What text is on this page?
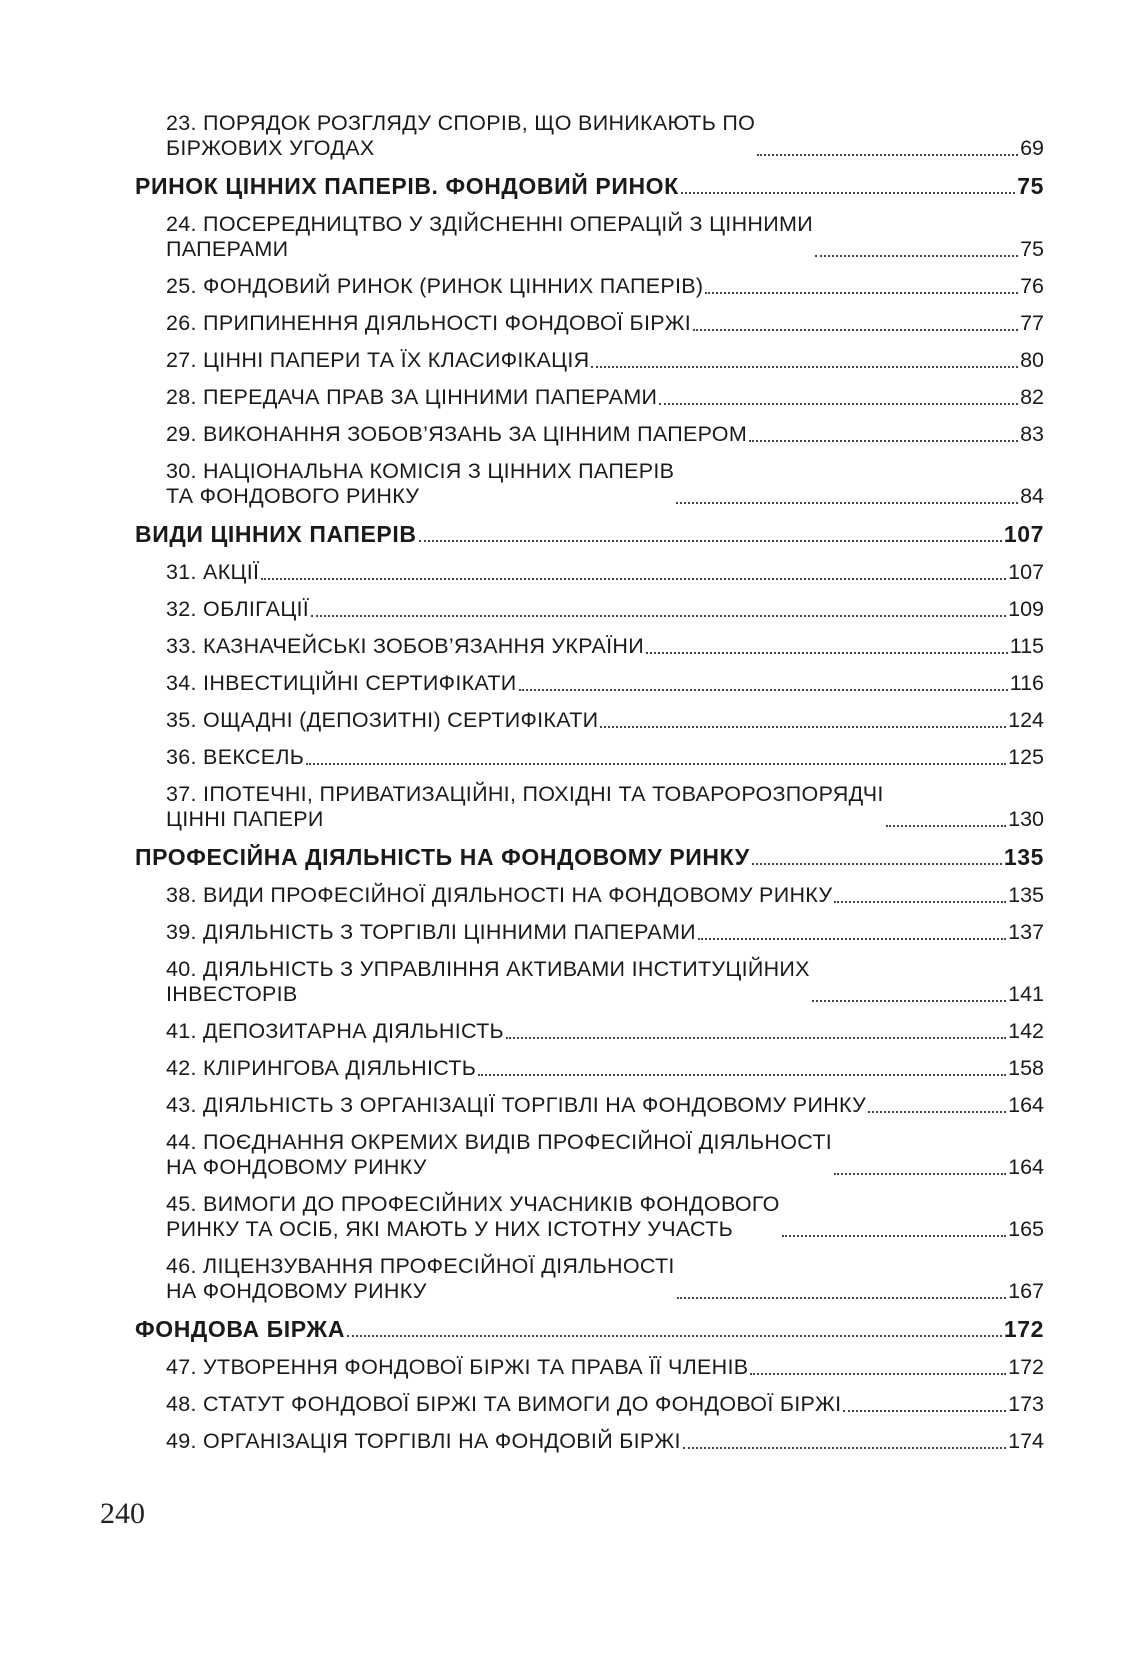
23. ПОРЯДОК РОЗГЛЯДУ СПОРІВ, ЩО ВИНИКАЮТЬ ПО
БІРЖОВИХ УГОДАХ	69
РИНОК ЦІННИХ ПАПЕРІВ. ФОНДОВИЙ РИНОК	75
24. ПОСЕРЕДНИЦТВО У ЗДІЙСНЕННІ ОПЕРАЦІЙ З ЦІННИМИ
ПАПЕРАМИ	75
25. ФОНДОВИЙ РИНОК (РИНОК ЦІННИХ ПАПЕРІВ)	76
26. ПРИПИНЕННЯ ДІЯЛЬНОСТІ ФОНДОВОЇ БІРЖІ	77
27. ЦІННІ ПАПЕРИ ТА ЇХ КЛАСИФІКАЦІЯ	80
28. ПЕРЕДАЧА ПРАВ ЗА ЦІННИМИ ПАПЕРАМИ	82
29. ВИКОНАННЯ ЗОБОВ’ЯЗАНЬ ЗА ЦІННИМ ПАПЕРОМ	83
30. НАЦІОНАЛЬНА КОМІСІЯ З ЦІННИХ ПАПЕРІВ
ТА ФОНДОВОГО РИНКУ	84
ВИДИ ЦІННИХ ПАПЕРІВ	107
31. АКЦІЇ	107
32. ОБЛІГАЦІЇ	109
33. КАЗНАЧЕЙСЬКІ ЗОБОВ’ЯЗАННЯ УКРАЇНИ	115
34. ІНВЕСТИЦІЙНІ СЕРТИФІКАТИ	116
35. ОЩАДНІ (ДЕПОЗИТНІ) СЕРТИФІКАТИ	124
36. ВЕКСЕЛЬ	125
37. ІПОТЕЧНІ, ПРИВАТИЗАЦІЙНІ, ПОХІДНІ ТА ТОВАРОРОЗПОРЯДЧІ
ЦІННІ ПАПЕРИ	130
ПРОФЕСІЙНА ДІЯЛЬНІСТЬ НА ФОНДОВОМУ РИНКУ	135
38. ВИДИ ПРОФЕСІЙНОЇ ДІЯЛЬНОСТІ НА ФОНДОВОМУ РИНКУ	135
39. ДІЯЛЬНІСТЬ З ТОРГІВЛІ ЦІННИМИ ПАПЕРАМИ	137
40. ДІЯЛЬНІСТЬ З УПРАВЛІННЯ АКТИВАМИ ІНСТИТУЦІЙНИХ
ІНВЕСТОРІВ	141
41. ДЕПОЗИТАРНА ДІЯЛЬНІСТЬ	142
42. КЛІРИНГОВА ДІЯЛЬНІСТЬ	158
43. ДІЯЛЬНІСТЬ З ОРГАНІЗАЦІЇ ТОРГІВЛІ НА ФОНДОВОМУ РИНКУ	164
44. ПОЄДНАННЯ ОКРЕМИХ ВИДІВ ПРОФЕСІЙНОЇ ДІЯЛЬНОСТІ
НА ФОНДОВОМУ РИНКУ	164
45. ВИМОГИ ДО ПРОФЕСІЙНИХ УЧАСНИКІВ ФОНДОВОГО
РИНКУ ТА ОСІБ, ЯКІ МАЮТЬ У НИХ ІСТОТНУ УЧАСТЬ	165
46. ЛІЦЕНЗУВАННЯ ПРОФЕСІЙНОЇ ДІЯЛЬНОСТІ
НА ФОНДОВОМУ РИНКУ	167
ФОНДОВА БІРЖА	172
47. УТВОРЕННЯ ФОНДОВОЇ БІРЖІ ТА ПРАВА ЇЇ ЧЛЕНІВ	172
48. СТАТУТ ФОНДОВОЇ БІРЖІ ТА ВИМОГИ ДО ФОНДОВОЇ БІРЖІ	173
49. ОРГАНІЗАЦІЯ ТОРГІВЛІ НА ФОНДОВІЙ БІРЖІ	174
240
